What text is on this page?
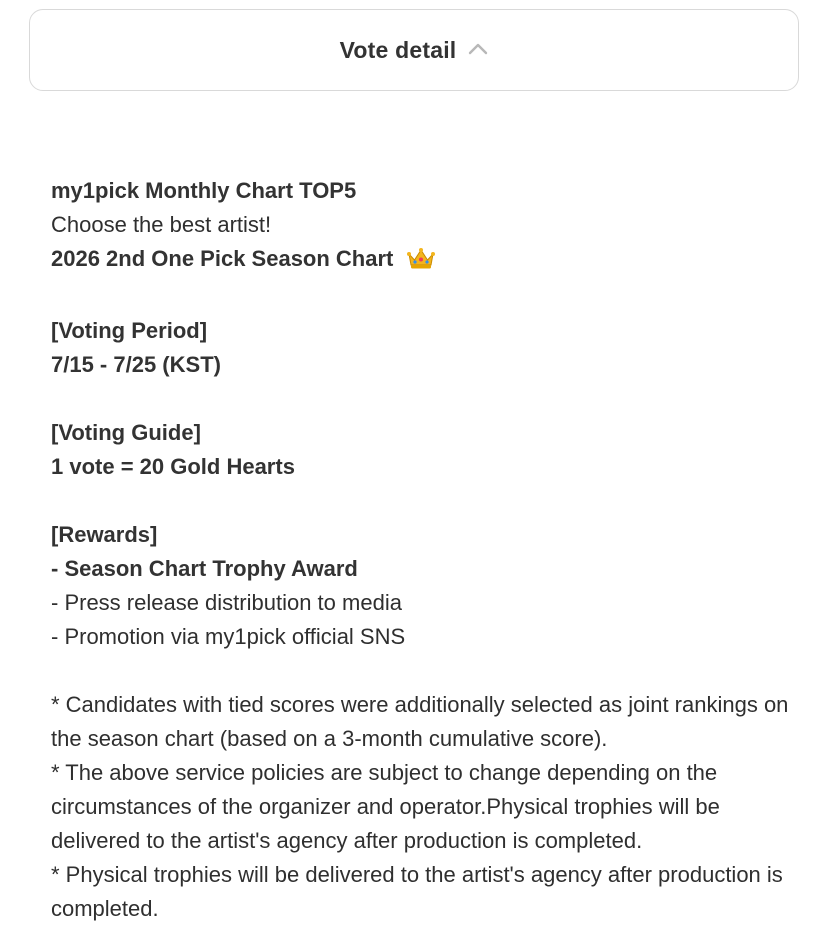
Vote detail
my1pick Monthly Chart TOP5
Choose the best artist!
2026 2nd One Pick Season Chart
[Voting Period]
7/15 - 7/25 (KST)
[Voting Guide]
1 vote = 20 Gold Hearts
[Rewards]
- Season Chart Trophy Award
- Press release distribution to media
- Promotion via my1pick official SNS
* Candidates with tied scores were additionally selected as joint rankings on the season chart (based on a 3-month cumulative score).
* The above service policies are subject to change depending on the circumstances of the organizer and operator.Physical trophies will be delivered to the artist's agency after production is completed.
* Physical trophies will be delivered to the artist's agency after production is completed.
